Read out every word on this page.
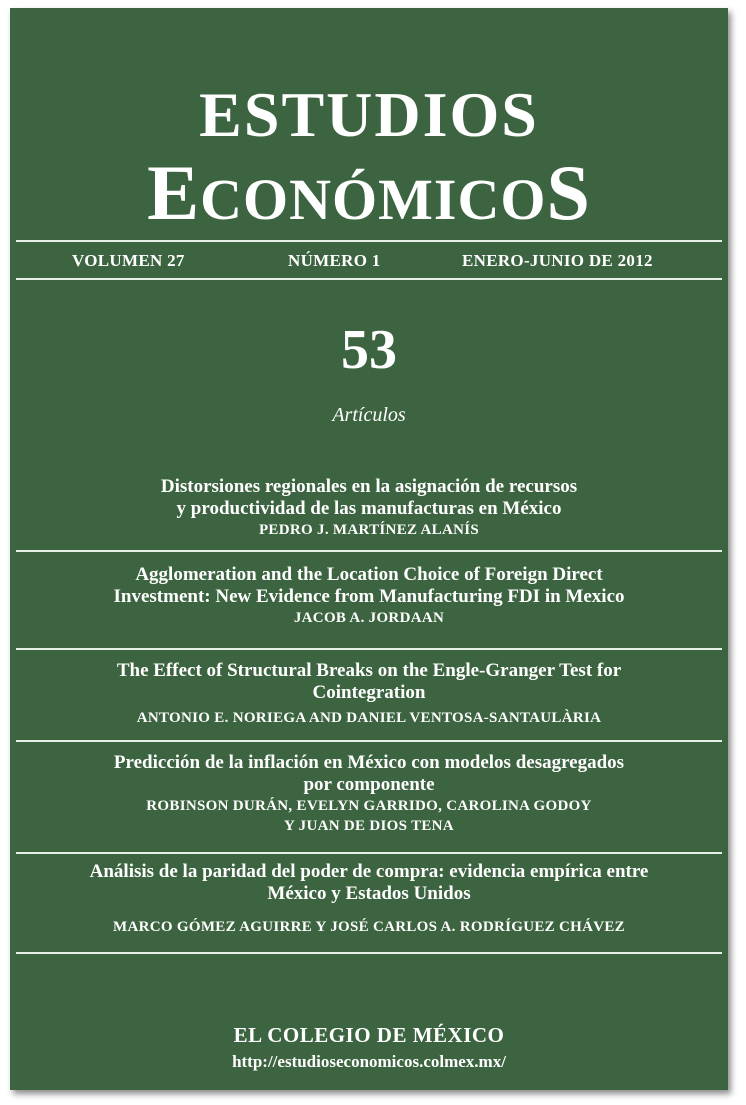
ESTUDIOS
ECONÓMICOS
VOLUMEN 27	NÚMERO 1	ENERO-JUNIO DE 2012
53
Artículos
Distorsiones regionales en la asignación de recursos
y productividad de las manufacturas en México
PEDRO J. MARTÍNEZ ALANÍS
Agglomeration and the Location Choice of Foreign Direct
Investment: New Evidence from Manufacturing FDI in Mexico
JACOB A. JORDAAN
The Effect of Structural Breaks on the Engle-Granger Test for
Cointegration
ANTONIO E. NORIEGA AND DANIEL VENTOSA-SANTAULÀRIA
Predicción de la inflación en México con modelos desagregados
por componente
ROBINSON DURÁN, EVELYN GARRIDO, CAROLINA GODOY
Y JUAN DE DIOS TENA
Análisis de la paridad del poder de compra: evidencia empírica entre
México y Estados Unidos
MARCO GÓMEZ AGUIRRE Y JOSÉ CARLOS A. RODRÍGUEZ CHÁVEZ
EL COLEGIO DE MÉXICO
http://estudioseconomicos.colmex.mx/
